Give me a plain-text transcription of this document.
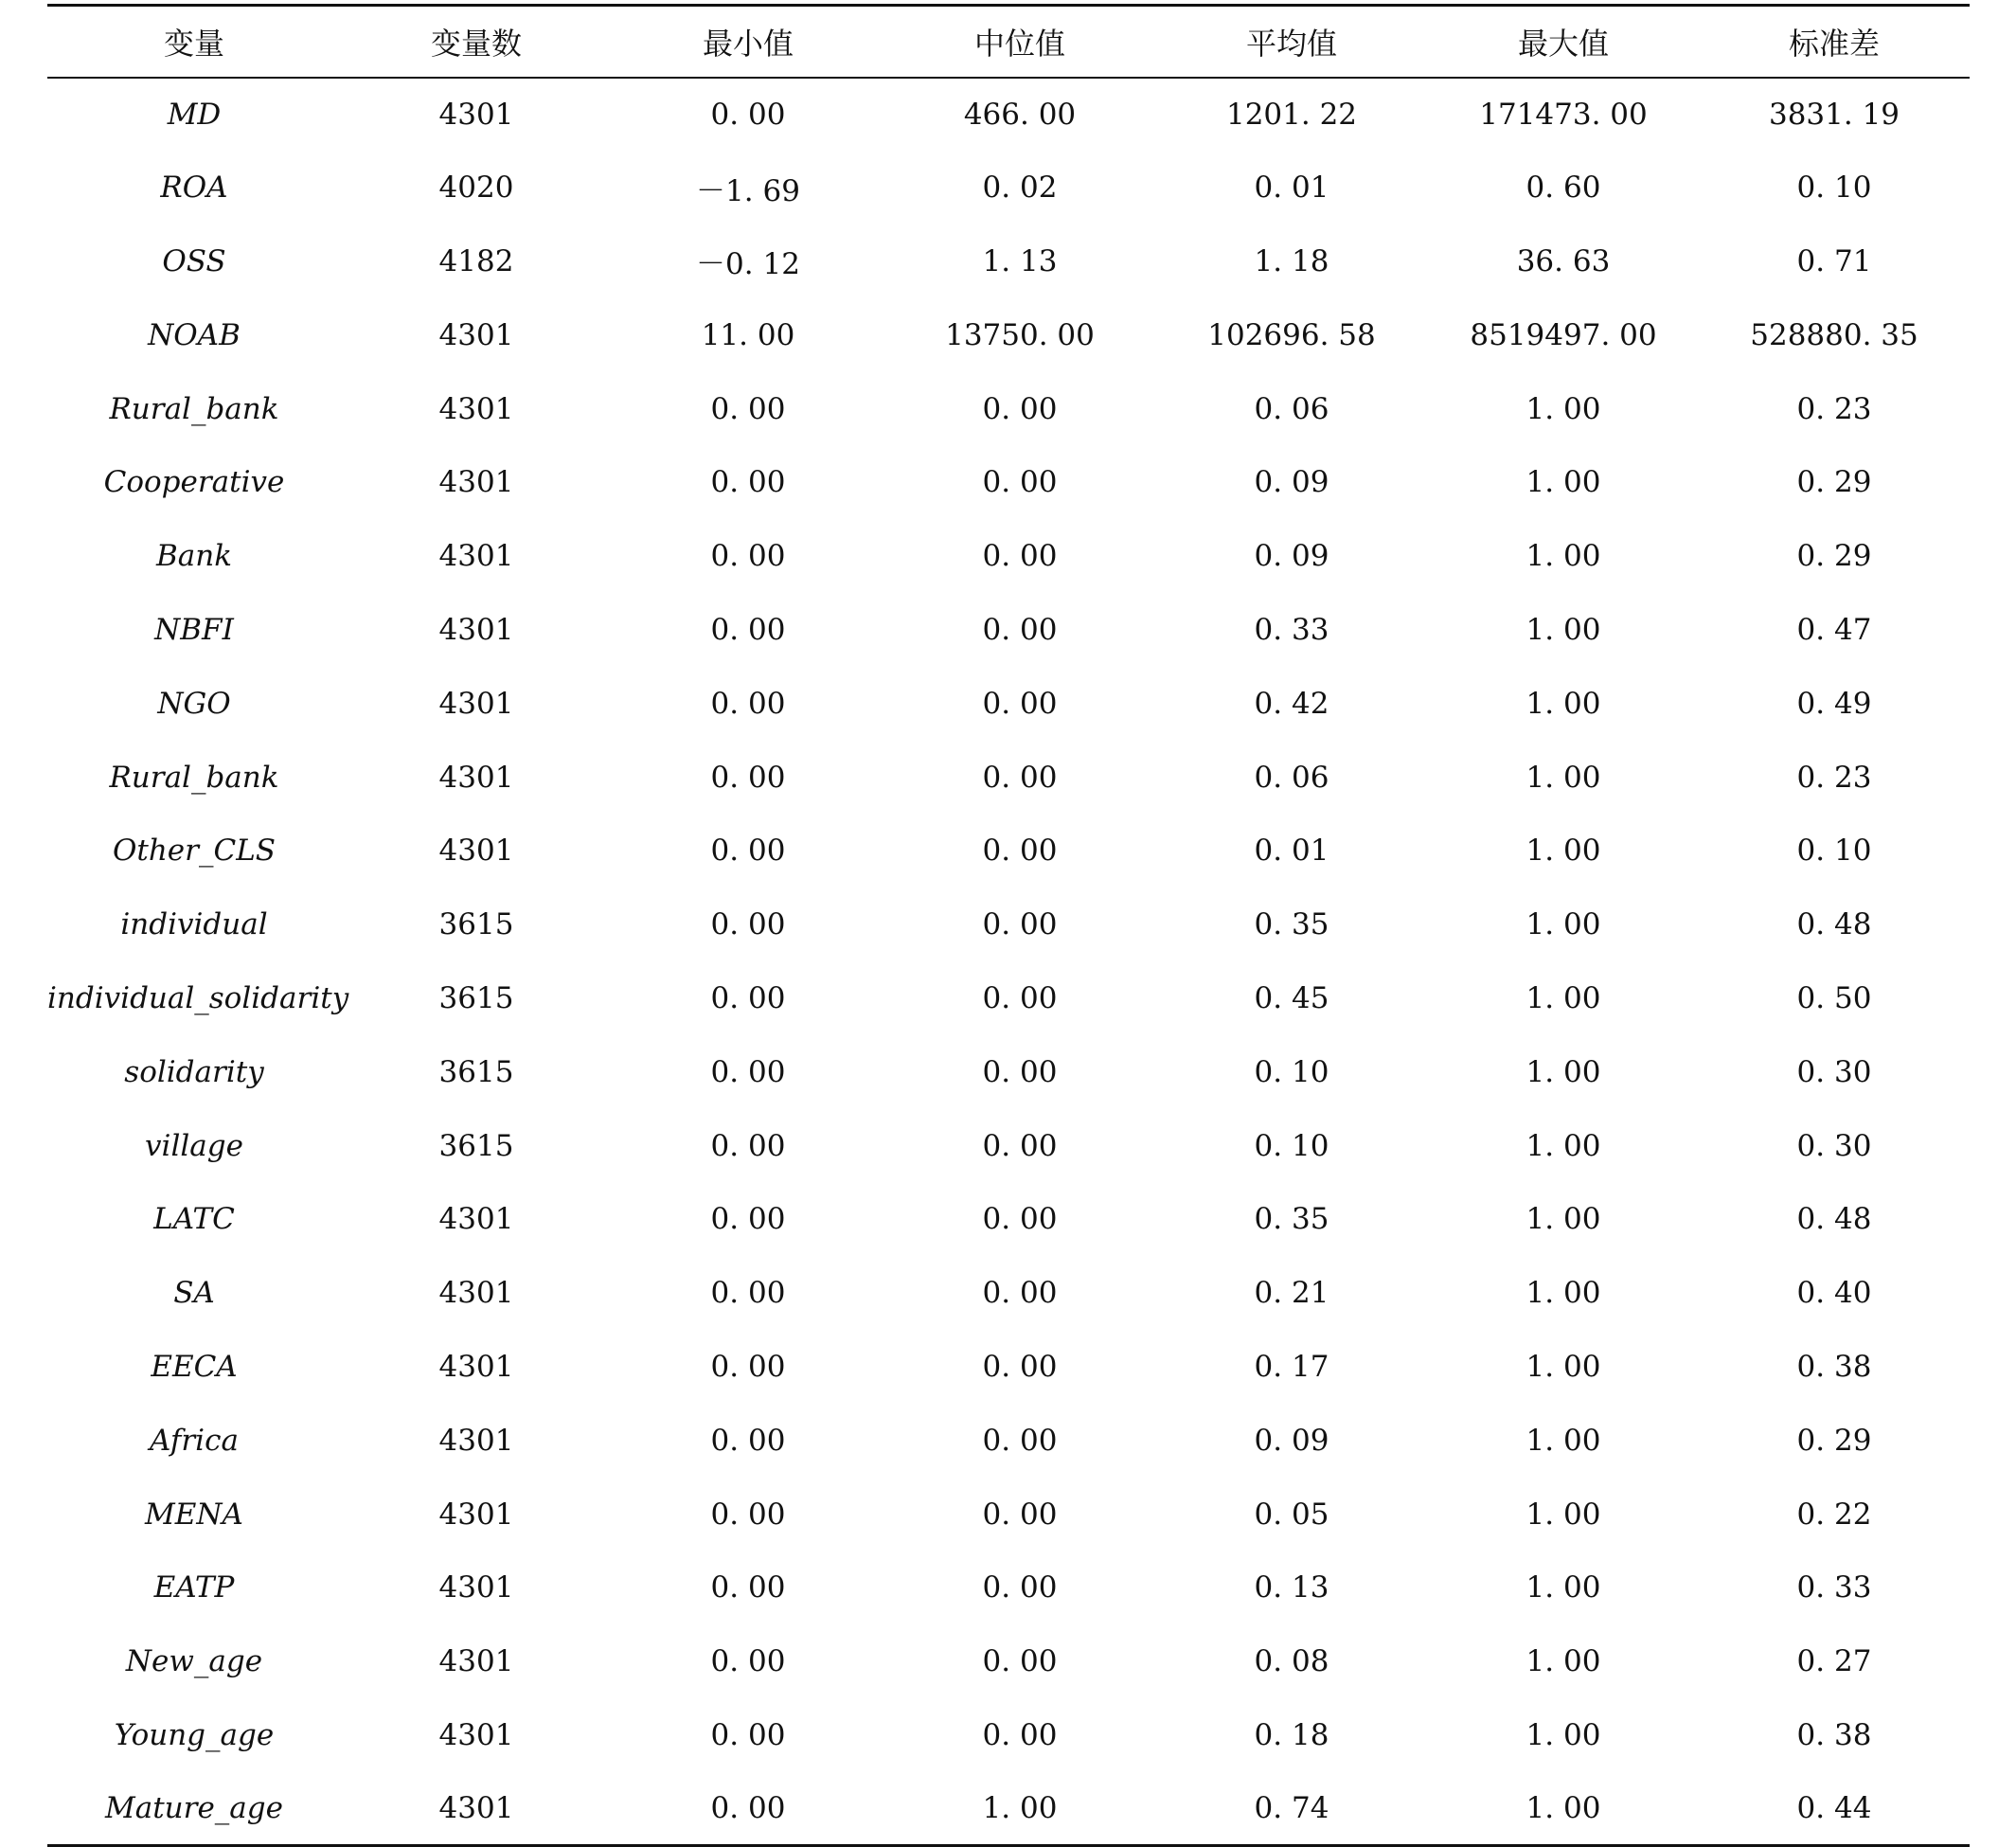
变量	变量数	最小值	中位值	平均值	最大值	标准差
MD	4301	0. 00	466. 00	1201. 22	171473. 00	3831. 19
ROA	4020	－1. 69	0. 02	0. 01	0. 60	0. 10
OSS	4182	－0. 12	1. 13	1. 18	36. 63	0. 71
NOAB	4301	11. 00	13750. 00	102696. 58	8519497. 00	528880. 35
Rural_bank	4301	0. 00	0. 00	0. 06	1. 00	0. 23
Cooperative	4301	0. 00	0. 00	0. 09	1. 00	0. 29
Bank	4301	0. 00	0. 00	0. 09	1. 00	0. 29
NBFI	4301	0. 00	0. 00	0. 33	1. 00	0. 47
NGO	4301	0. 00	0. 00	0. 42	1. 00	0. 49
Rural_bank	4301	0. 00	0. 00	0. 06	1. 00	0. 23
Other_CLS	4301	0. 00	0. 00	0. 01	1. 00	0. 10
individual	3615	0. 00	0. 00	0. 35	1. 00	0. 48
individual_solidarity	3615	0. 00	0. 00	0. 45	1. 00	0. 50
solidarity	3615	0. 00	0. 00	0. 10	1. 00	0. 30
village	3615	0. 00	0. 00	0. 10	1. 00	0. 30
LATC	4301	0. 00	0. 00	0. 35	1. 00	0. 48
SA	4301	0. 00	0. 00	0. 21	1. 00	0. 40
EECA	4301	0. 00	0. 00	0. 17	1. 00	0. 38
Africa	4301	0. 00	0. 00	0. 09	1. 00	0. 29
MENA	4301	0. 00	0. 00	0. 05	1. 00	0. 22
EATP	4301	0. 00	0. 00	0. 13	1. 00	0. 33
New_age	4301	0. 00	0. 00	0. 08	1. 00	0. 27
Young_age	4301	0. 00	0. 00	0. 18	1. 00	0. 38
Mature_age	4301	0. 00	1. 00	0. 74	1. 00	0. 44
